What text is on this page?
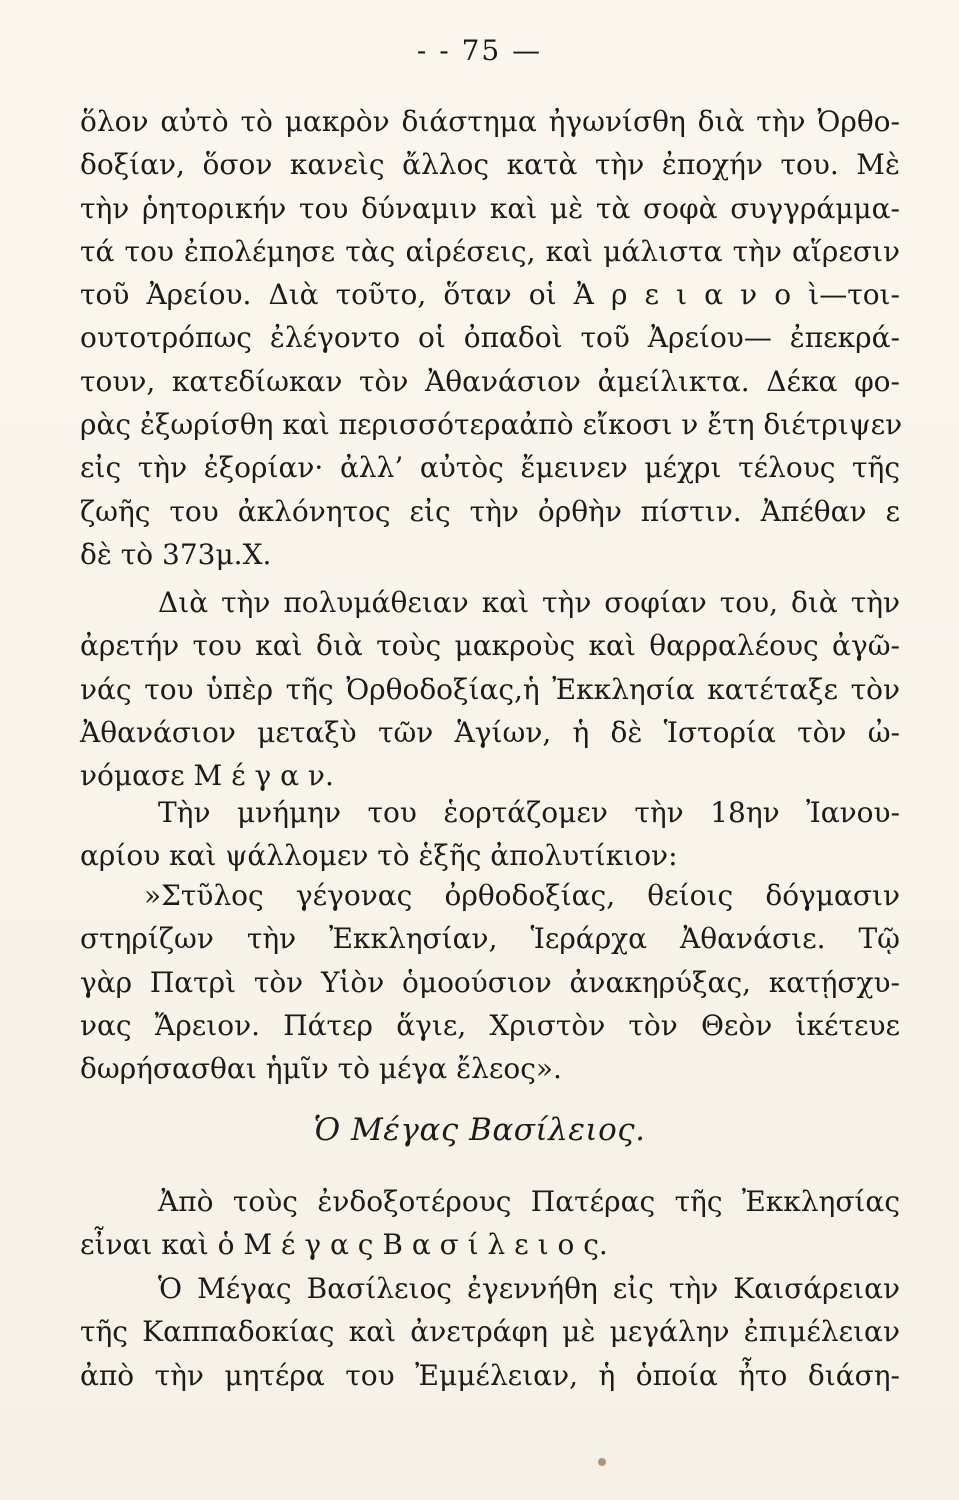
- - 75 —
ὅλον αὐτὸ τὸ μακρὸν διάστημα ἠγωνίσθη διὰ τὴν Ὀρθο-
δοξίαν, ὅσον κανεὶς ἄλλος κατὰ τὴν ἐποχήν του. Μὲ
τὴν ῥητορικήν του δύναμιν καὶ μὲ τὰ σοφὰ συγγράμμα-
τά του ἐπολέμησε τὰς αἱρέσεις, καὶ μάλιστα τὴν αἵρεσιν
τοῦ Ἀρείου. Διὰ τοῦτο, ὅταν οἱ Ἀ ρ ε ι α ν ο ὶ—τοι-
ουτοτρόπως ἐλέγοντο οἱ ὀπαδοὶ τοῦ Ἀρείου— ἐπεκρά-
τουν, κατεδίωκαν τὸν Ἀθανάσιον ἀμείλικτα. Δέκα φο-
ρὰς ἐξωρίσθη καὶ περισσότεραἀπὸ εἴκοσι ν ἔτη διέτριψεν
εἰς τὴν ἐξορίαν· ἀλλ’ αὐτὸς ἔμεινεν μέχρι τέλους τῆς
ζωῆς του ἀκλόνητος εἰς τὴν ὀρθὴν πίστιν. Ἀπέθαν ε
δὲ τὸ 373μ.Χ.
Διὰ τὴν πολυμάθειαν καὶ τὴν σοφίαν του, διὰ τὴν
ἀρετήν του καὶ διὰ τοὺς μακροὺς καὶ θαρραλέους ἀγῶ-
νάς του ὑπὲρ τῆς Ὀρθοδοξίας,ἡ Ἐκκλησία κατέταξε τὸν
Ἀθανάσιον μεταξὺ τῶν Ἁγίων, ἡ δὲ Ἱστορία τὸν ὠ-
νόμασε Μ έ γ α ν.
Τὴν μνήμην του ἑορτάζομεν τὴν 18ην Ἰανου-
αρίου καὶ ψάλλομεν τὸ ἑξῆς ἀπολυτίκιον:
»Στῦλος γέγονας ὀρθοδοξίας, θείοις δόγμασιν
στηρίζων τὴν Ἐκκλησίαν, Ἱεράρχα Ἀθανάσιε. Τῷ
γὰρ Πατρὶ τὸν Υἱὸν ὁμοούσιον ἀνακηρύξας, κατῄσχυ-
νας Ἄρειον. Πάτερ ἅγιε, Χριστὸν τὸν Θεὸν ἱκέτευε
δωρήσασθαι ἡμῖν τὸ μέγα ἔλεος».
Ὁ Μέγας Βασίλειος.
Ἀπὸ τοὺς ἐνδοξοτέρους Πατέρας τῆς Ἐκκλησίας
εἶναι καὶ ὁ Μ έ γ α ς Β α σ ί λ ε ι ο ς.
Ὁ Μέγας Βασίλειος ἐγεννήθη εἰς τὴν Καισάρειαν
τῆς Καππαδοκίας καὶ ἀνετράφη μὲ μεγάλην ἐπιμέλειαν
ἀπὸ τὴν μητέρα του Ἐμμέλειαν, ἡ ὁποία ἦτο διάση-
